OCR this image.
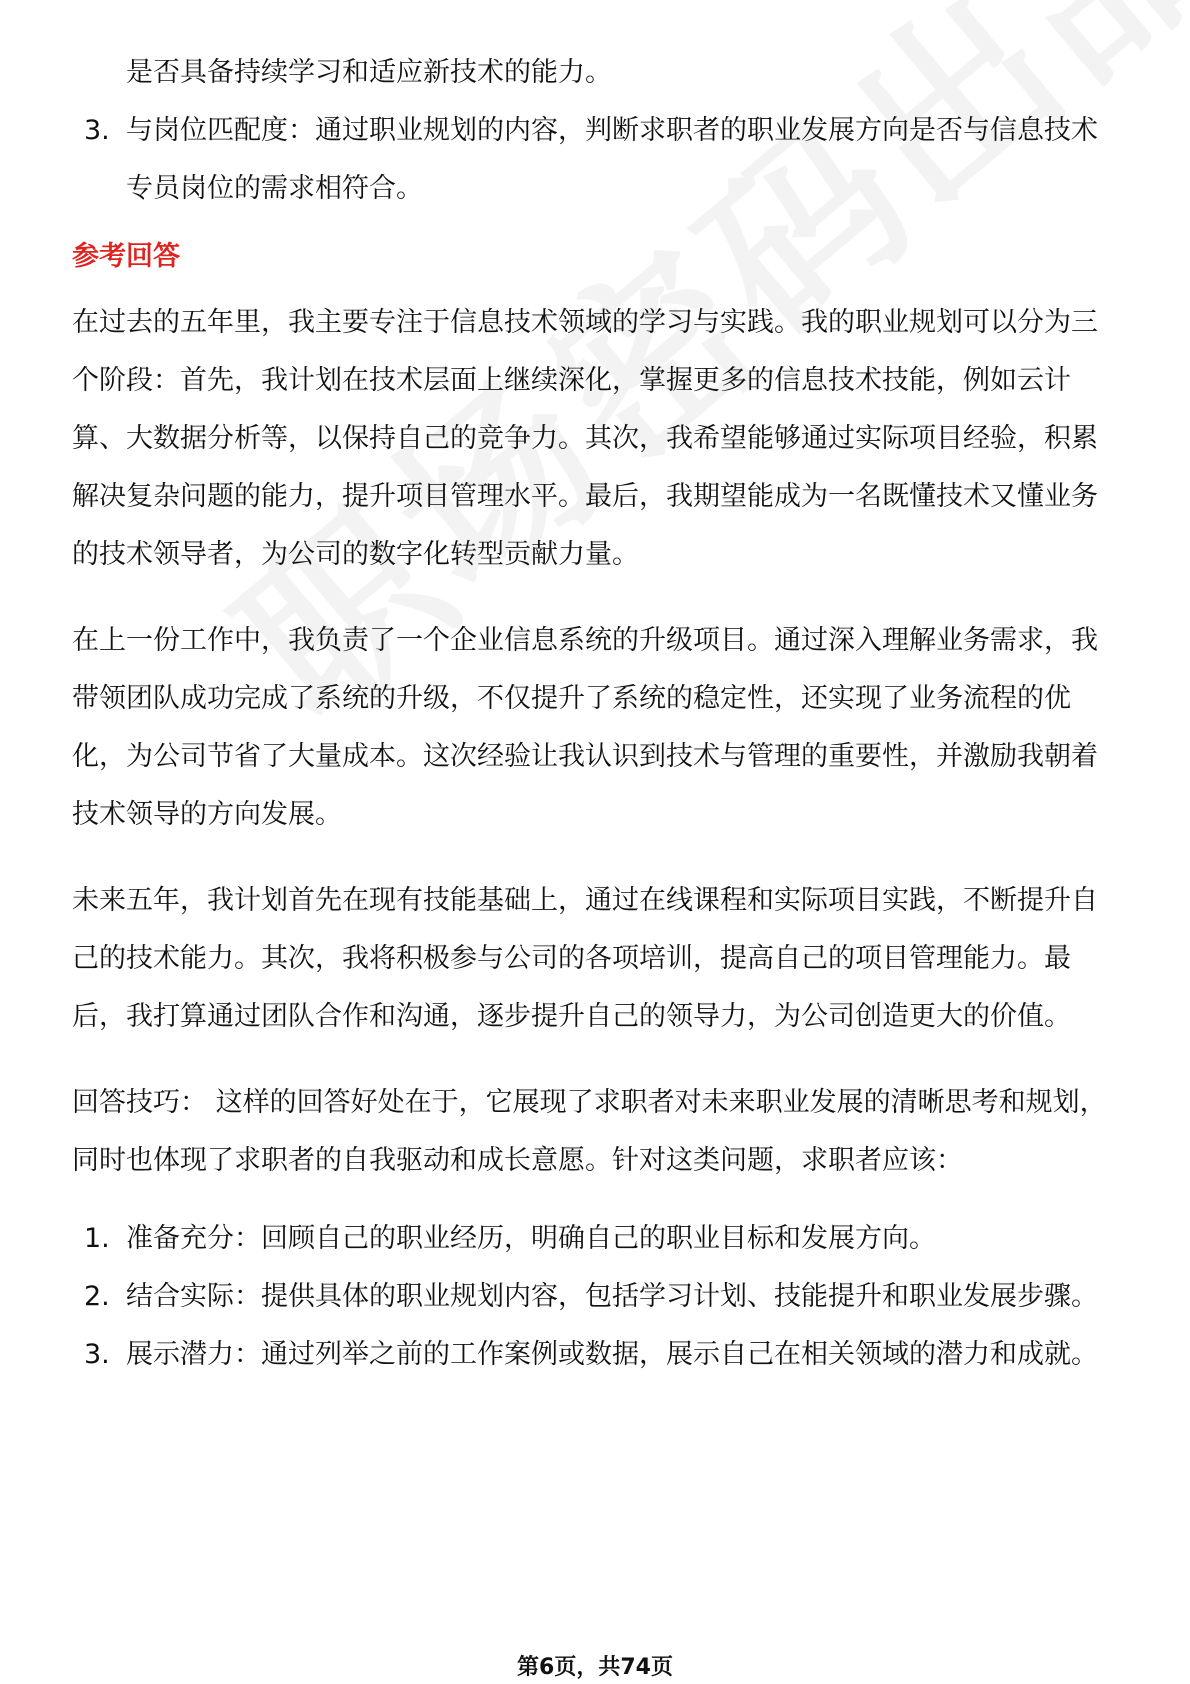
是否具备持续学习和适应新技术的能力。
3. 与岗位匹配度：通过职业规划的内容，判断求职者的职业发展方向是否与信息技术专员岗位的需求相符合。
参考回答

在过去的五年里，我主要专注于信息技术领域的学习与实践。我的职业规划可以分为三个阶段：首先，我计划在技术层面上继续深化，掌握更多的信息技术技能，例如云计算、大数据分析等，以保持自己的竞争力。其次，我希望能够通过实际项目经验，积累解决复杂问题的能力，提升项目管理水平。最后，我期望能成为一名既懂技术又懂业务的技术领导者，为公司的数字化转型贡献力量。

在上一份工作中，我负责了一个企业信息系统的升级项目。通过深入理解业务需求，我带领团队成功完成了系统的升级，不仅提升了系统的稳定性，还实现了业务流程的优化，为公司节省了大量成本。这次经验让我认识到技术与管理的重要性，并激励我朝着技术领导的方向发展。

未来五年，我计划首先在现有技能基础上，通过在线课程和实际项目实践，不断提升自己的技术能力。其次，我将积极参与公司的各项培训，提高自己的项目管理能力。最后，我打算通过团队合作和沟通，逐步提升自己的领导力，为公司创造更大的价值。

回答技巧： 这样的回答好处在于，它展现了求职者对未来职业发展的清晰思考和规划，同时也体现了求职者的自我驱动和成长意愿。针对这类问题，求职者应该：

1. 准备充分：回顾自己的职业经历，明确自己的职业目标和发展方向。
2. 结合实际：提供具体的职业规划内容，包括学习计划、技能提升和职业发展步骤。
3. 展示潜力：通过列举之前的工作案例或数据，展示自己在相关领域的潜力和成就。
第6页，共74页
